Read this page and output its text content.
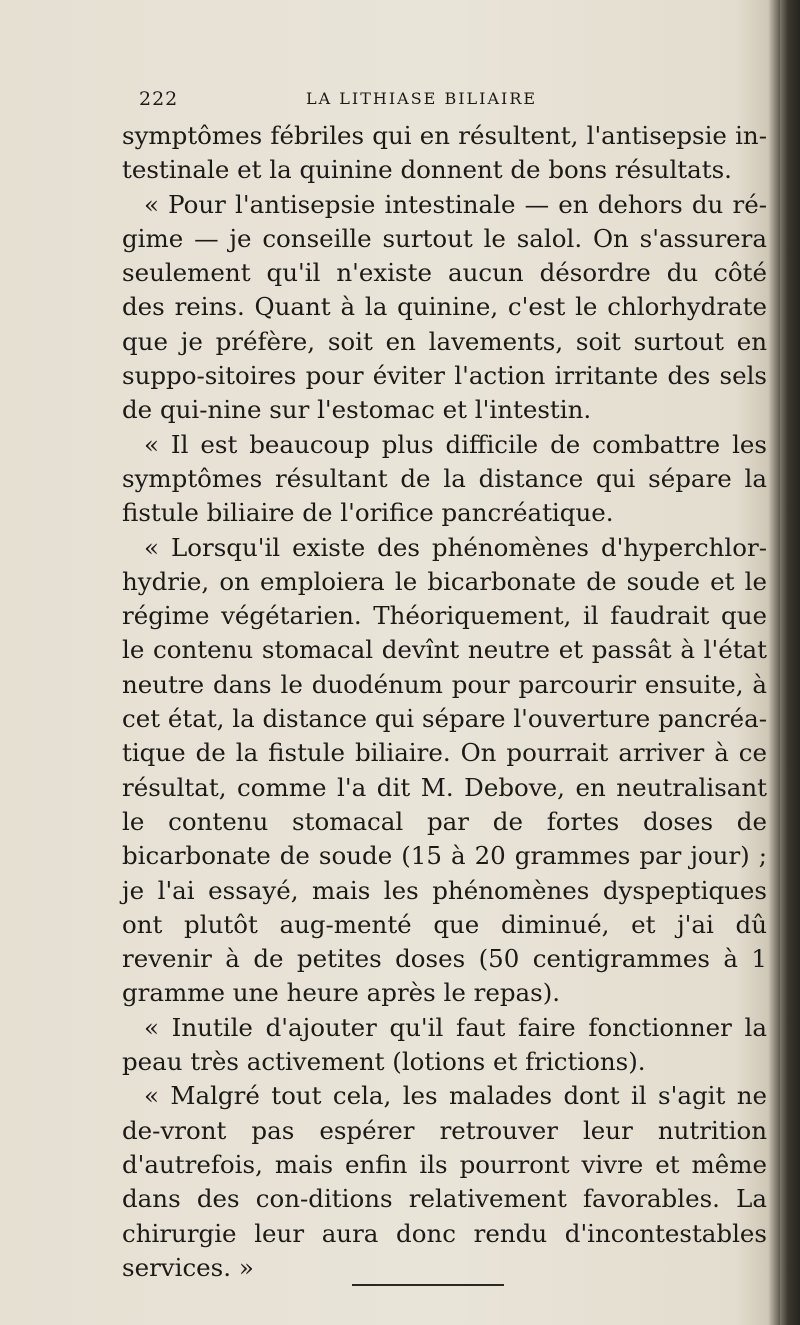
222	LA LITHIASE BILIAIRE

symptômes fébriles qui en résultent, l'antisepsie in-testinale et la quinine donnent de bons résultats.

« Pour l'antisepsie intestinale — en dehors du ré-gime — je conseille surtout le salol. On s'assurera seulement qu'il n'existe aucun désordre du côté des reins. Quant à la quinine, c'est le chlorhydrate que je préfère, soit en lavements, soit surtout en suppo-sitoires pour éviter l'action irritante des sels de qui-nine sur l'estomac et l'intestin.

« Il est beaucoup plus difficile de combattre les symptômes résultant de la distance qui sépare la fistule biliaire de l'orifice pancréatique.

« Lorsqu'il existe des phénomènes d'hyperchlor-hydrie, on emploiera le bicarbonate de soude et le régime végétarien. Théoriquement, il faudrait que le contenu stomacal devînt neutre et passât à l'état neutre dans le duodénum pour parcourir ensuite, à cet état, la distance qui sépare l'ouverture pancréa-tique de la fistule biliaire. On pourrait arriver à ce résultat, comme l'a dit M. Debove, en neutralisant le contenu stomacal par de fortes doses de bicarbonate de soude (15 à 20 grammes par jour) ; je l'ai essayé, mais les phénomènes dyspeptiques ont plutôt aug-menté que diminué, et j'ai dû revenir à de petites doses (50 centigrammes à 1 gramme une heure après le repas).

« Inutile d'ajouter qu'il faut faire fonctionner la peau très activement (lotions et frictions).

« Malgré tout cela, les malades dont il s'agit ne de-vront pas espérer retrouver leur nutrition d'autrefois, mais enfin ils pourront vivre et même dans des con-ditions relativement favorables. La chirurgie leur aura donc rendu d'incontestables services. »
